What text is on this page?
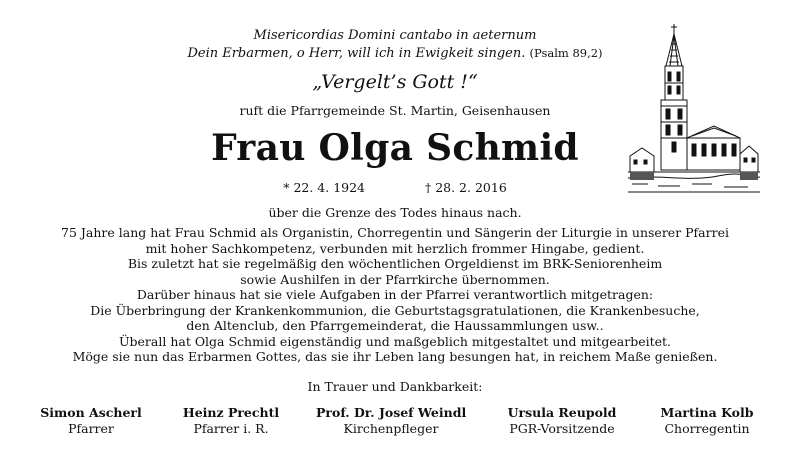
Misericordias Domini cantabo in aeternum
Dein Erbarmen, o Herr, will ich in Ewigkeit singen. (Psalm 89,2)
„Vergelt’s Gott !“
ruft die Pfarrgemeinde St. Martin, Geisenhausen
Frau Olga Schmid
* 22. 4. 1924	† 28. 2. 2016
über die Grenze des Todes hinaus nach.
75 Jahre lang hat Frau Schmid als Organistin, Chorregentin und Sängerin der Liturgie in unserer Pfarrei
mit hoher Sachkompetenz, verbunden mit herzlich frommer Hingabe, gedient.
Bis zuletzt hat sie regelmäßig den wöchentlichen Orgeldienst im BRK-Seniorenheim
sowie Aushilfen in der Pfarrkirche übernommen.
Darüber hinaus hat sie viele Aufgaben in der Pfarrei verantwortlich mitgetragen:
Die Überbringung der Krankenkommunion, die Geburtstagsgratulationen, die Krankenbesuche,
den Altenclub, den Pfarrgemeinderat, die Haussammlungen usw..
Überall hat Olga Schmid eigenständig und maßgeblich mitgestaltet und mitgearbeitet.
Möge sie nun das Erbarmen Gottes, das sie ihr Leben lang besungen hat, in reichem Maße genießen.
In Trauer und Dankbarkeit:
Simon Ascherl
Pfarrer
Heinz Prechtl
Pfarrer i. R.
Prof. Dr. Josef Weindl
Kirchenpfleger
Ursula Reupold
PGR-Vorsitzende
Martina Kolb
Chorregentin
